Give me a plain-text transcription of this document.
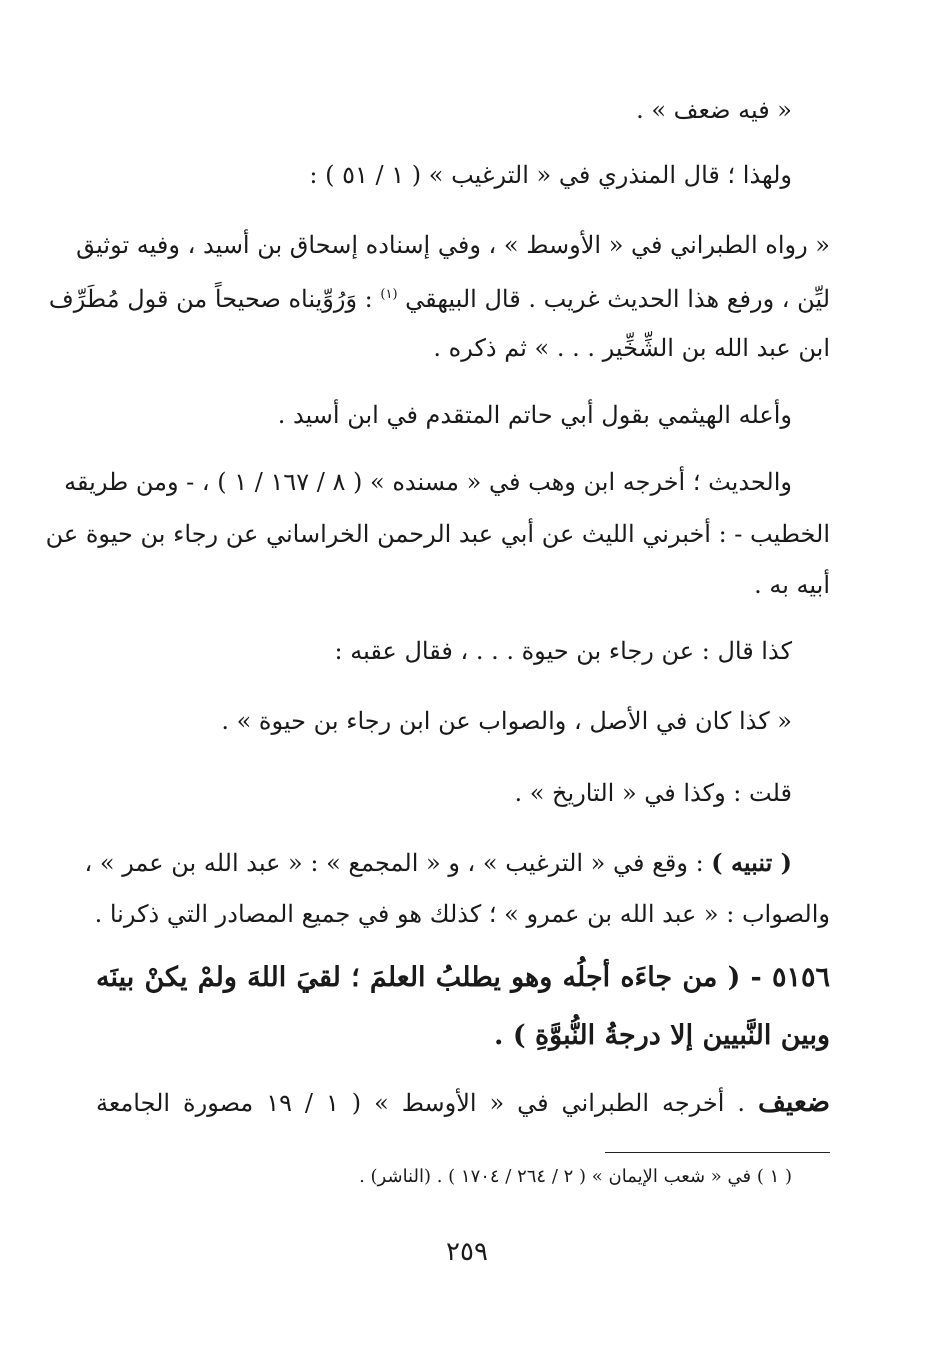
« فيه ضعف » .
ولهذا ؛ قال المنذري في « الترغيب » ( ١ / ٥١ ) :
« رواه الطبراني في « الأوسط » ، وفي إسناده إسحاق بن أسيد ، وفيه توثيق
ليِّن ، ورفع هذا الحديث غريب . قال البيهقي $^{(١)}$ : وَرُوِّيناه صحيحاً من قول مُطَرِّف
ابن عبد الله بن الشِّخِّير . . . » ثم ذكره .
وأعله الهيثمي بقول أبي حاتم المتقدم في ابن أسيد .
والحديث ؛ أخرجه ابن وهب في « مسنده » ( ٨ / ١٦٧ / ١ ) ، - ومن طريقه
الخطيب - : أخبرني الليث عن أبي عبد الرحمن الخراساني عن رجاء بن حيوة عن
أبيه به .
كذا قال : عن رجاء بن حيوة . . . ، فقال عقبه :
« كذا كان في الأصل ، والصواب عن ابن رجاء بن حيوة » .
قلت : وكذا في « التاريخ » .
( تنبيه ) : وقع في « الترغيب » ، و « المجمع » : « عبد الله بن عمر » ،
والصواب : « عبد الله بن عمرو » ؛ كذلك هو في جميع المصادر التي ذكرنا .
٥١٥٦ - ( من جاءَه أجلُه وهو يطلبُ العلمَ ؛ لقيَ اللهَ ولمْ يكنْ بينَه
وبين النَّبيين إلا درجةُ النُّبوَّةِ ) .
ضعيف . أخرجه الطبراني في « الأوسط » ( ١ / ١٩ مصورة الجامعة
( ١ ) في « شعب الإيمان » ( ٢ / ٢٦٤ / ١٧٠٤ ) . (الناشر) .
٢٥٩
